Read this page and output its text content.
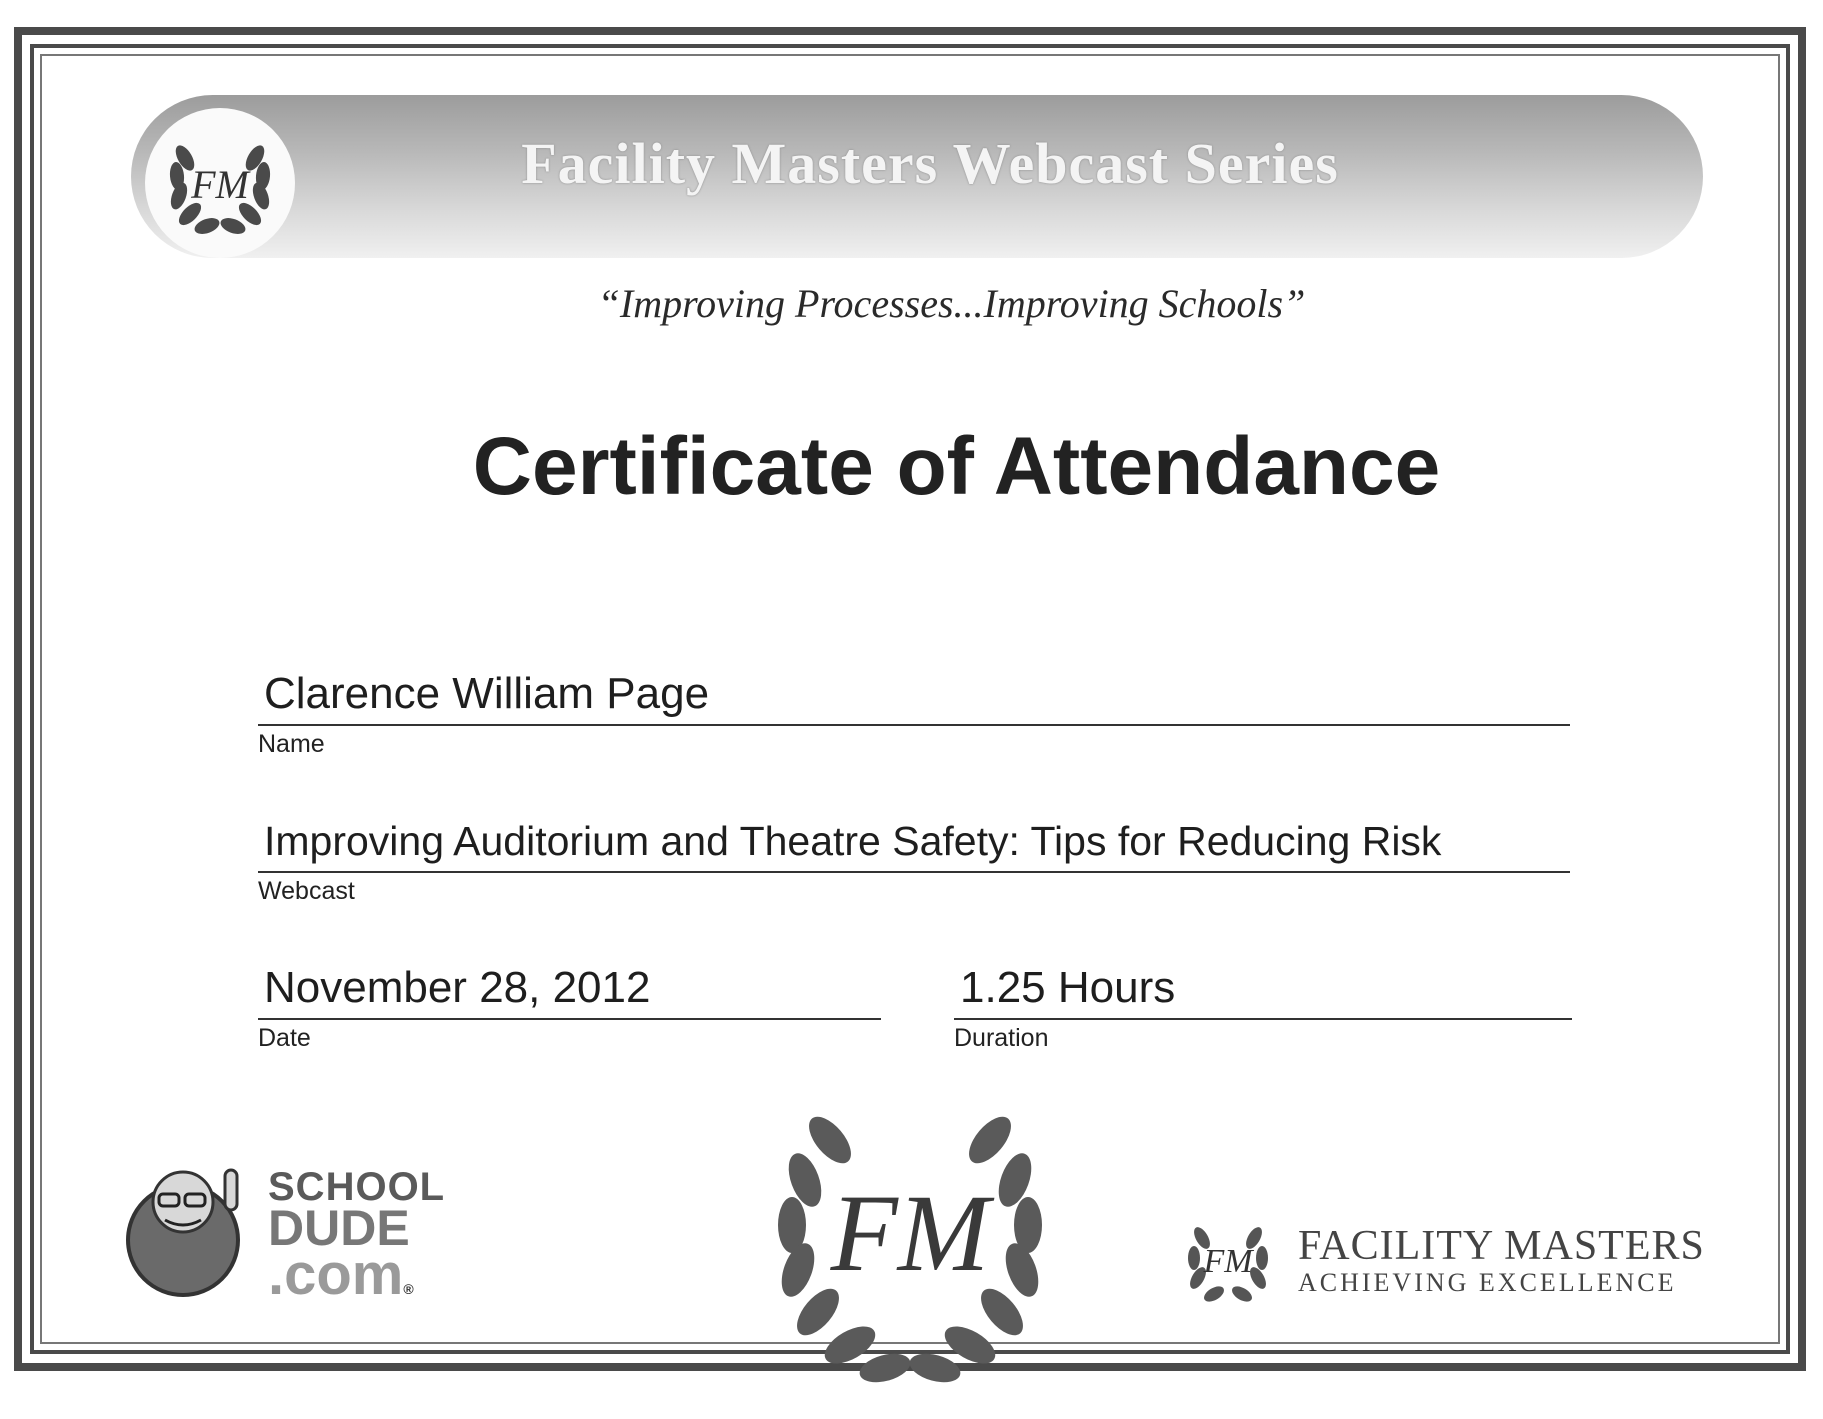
FM	Facility Masters Webcast Series
“Improving Processes...Improving Schools”
Certificate of Attendance
Clarence William Page
Name
Improving Auditorium and Theatre Safety: Tips for Reducing Risk
Webcast
November 28, 2012
Date
1.25 Hours
Duration
SCHOOL
DUDE
.com®	FM	FM FACILITY MASTERS
ACHIEVING EXCELLENCE
